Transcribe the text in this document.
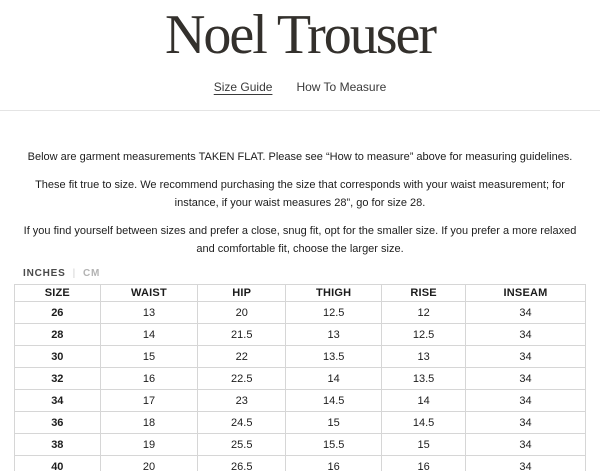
Noel Trouser
Size Guide How To Measure

Below are garment measurements TAKEN FLAT. Please see “How to measure” above for measuring guidelines.

These fit true to size. We recommend purchasing the size that corresponds with your waist measurement; for instance, if your waist measures 28”, go for size 28.

If you find yourself between sizes and prefer a close, snug fit, opt for the smaller size. If you prefer a more relaxed and comfortable fit, choose the larger size.

INCHES | CM
SIZE	WAIST	HIP	THIGH	RISE	INSEAM
26	13	20	12.5	12	34
28	14	21.5	13	12.5	34
30	15	22	13.5	13	34
32	16	22.5	14	13.5	34
34	17	23	14.5	14	34
36	18	24.5	15	14.5	34
38	19	25.5	15.5	15	34
40	20	26.5	16	16	34
